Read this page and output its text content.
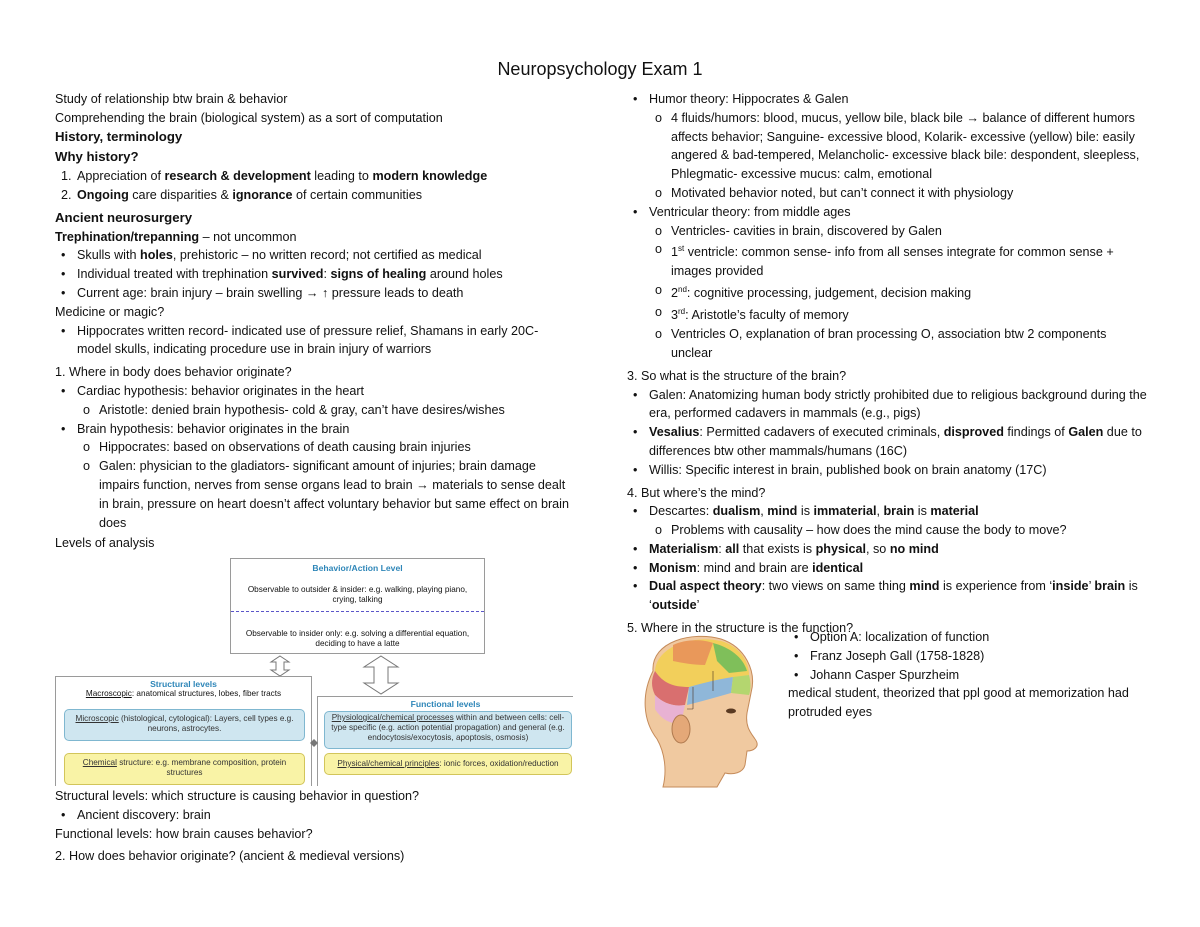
Neuropsychology Exam 1

Study of relationship btw brain & behavior

Comprehending the brain (biological system) as a sort of computation

History, terminology

Why history?

1. Appreciation of research & development leading to modern knowledge
2. Ongoing care disparities & ignorance of certain communities

Ancient neurosurgery

Trephination/trepanning – not uncommon

•
Skulls with holes, prehistoric – no written record; not certified as medical
•
Individual treated with trephination survived: signs of healing around holes
•
Current age: brain injury – brain swelling → ↑ pressure leads to death

Medicine or magic?

•
Hippocrates written record- indicated use of pressure relief, Shamans in early 20C- model skulls, indicating procedure use in brain injury of warriors

1. Where in body does behavior originate?

•
Cardiac hypothesis: behavior originates in the heart
o
Aristotle: denied brain hypothesis- cold & gray, can’t have desires/wishes
•
Brain hypothesis: behavior originates in the brain
o
Hippocrates: based on observations of death causing brain injuries
o
Galen: physician to the gladiators- significant amount of injuries; brain damage impairs function, nerves from sense organs lead to brain → materials to sense dealt in brain, pressure on heart doesn’t affect voluntary behavior but same effect on brain does

Levels of analysis

Behavior/Action Level
Observable to outsider & insider: e.g. walking, playing piano, crying, talking
Observable to insider only: e.g. solving a differential equation, deciding to have a latte
Structural levels
Macroscopic: anatomical structures, lobes, fiber tracts
Microscopic (histological, cytological): Layers, cell types e.g. neurons, astrocytes.
Chemical structure: e.g. membrane composition, protein structures
Functional levels
Physiological/chemical processes within and between cells: cell-type specific (e.g. action potential propagation) and general (e.g. endocytosis/exocytosis, apoptosis, osmosis)
Physical/chemical principles: ionic forces, oxidation/reduction

Structural levels: which structure is causing behavior in question?

•
Ancient discovery: brain

Functional levels: how brain causes behavior?

2. How does behavior originate? (ancient & medieval versions)

•
Humor theory: Hippocrates & Galen
o
4 fluids/humors: blood, mucus, yellow bile, black bile → balance of different humors affects behavior; Sanguine- excessive blood, Kolarik- excessive (yellow) bile: easily angered & bad-tempered, Melancholic- excessive black bile: despondent, sleepless, Phlegmatic- excessive mucus: calm, emotional
o
Motivated behavior noted, but can’t connect it with physiology
•
Ventricular theory: from middle ages
o
Ventricles- cavities in brain, discovered by Galen
o
1st ventricle: common sense- info from all senses integrate for common sense + images provided
o
2nd: cognitive processing, judgement, decision making
o
3rd: Aristotle’s faculty of memory
o
Ventricles O, explanation of bran processing O, association btw 2 components unclear

3. So what is the structure of the brain?

•
Galen: Anatomizing human body strictly prohibited due to religious background during the era, performed cadavers in mammals (e.g., pigs)
•
Vesalius: Permitted cadavers of executed criminals, disproved findings of Galen due to differences btw other mammals/humans (16C)
•
Willis: Specific interest in brain, published book on brain anatomy (17C)

4. But where’s the mind?

•
Descartes: dualism, mind is immaterial, brain is material
o
Problems with causality – how does the mind cause the body to move?
•
Materialism: all that exists is physical, so no mind
•
Monism: mind and brain are identical
•
Dual aspect theory: two views on same thing mind is experience from ‘inside’ brain is ‘outside’

5. Where in the structure is the function?

•
Option A: localization of function
•
Franz Joseph Gall (1758-1828)
•
Johann Casper Spurzheim

medical student, theorized that ppl good at memorization had protruded eyes
